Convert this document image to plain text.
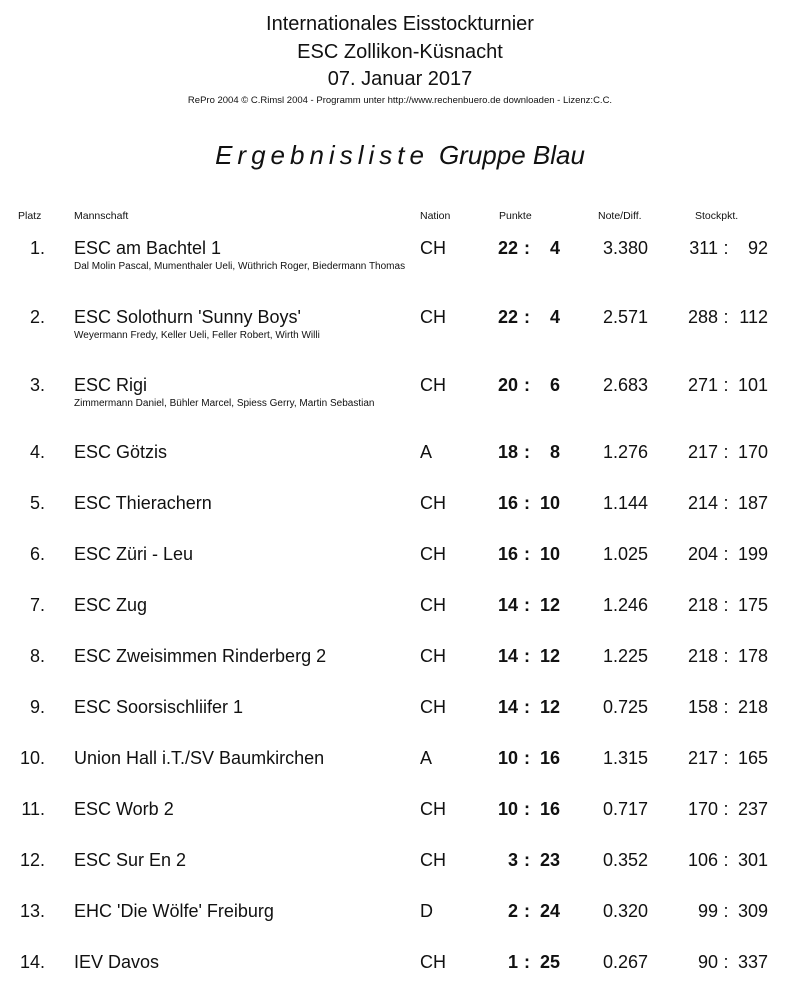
Internationales Eisstockturnier
ESC Zollikon-Küsnacht
07. Januar 2017
RePro 2004 © C.Rimsl 2004 - Programm unter http://www.rechenbuero.de downloaden - Lizenz:C.C.
Ergebnisliste Gruppe Blau
Platz	Mannschaft	Nation	Punkte	Note/Diff.	Stockpkt.
1. ESC am Bachtel 1	CH	22	4	3.380	311	92
:	:
Dal Molin Pascal, Mumenthaler Ueli, Wüthrich Roger, Biedermann Thomas
2. ESC Solothurn 'Sunny Boys'	CH	22	4	2.571	288	112
:	:
Weyermann Fredy, Keller Ueli, Feller Robert, Wirth Willi
3. ESC Rigi	CH	20	6	2.683	271	101
:	:
Zimmermann Daniel, Bühler Marcel, Spiess Gerry, Martin Sebastian
4. ESC Götzis	A	18	8	1.276	217	170
:	:
5. ESC Thierachern	CH	16	10	1.144	214	187
:	:
6. ESC Züri - Leu	CH	16	10	1.025	204	199
:	:
7. ESC Zug	CH	14	12	1.246	218	175
:	:
8. ESC Zweisimmen Rinderberg 2	CH	14	12	1.225	218	178
:	:
9. ESC Soorsischliifer 1	CH	14	12	0.725	158	218
:	:
10. Union Hall i.T./SV Baumkirchen	A	10	16	1.315	217	165
:	:
11. ESC Worb 2	CH	10	16	0.717	170	237
:	:
12. ESC Sur En 2	CH	3	23	0.352	106	301
:	:
13. EHC 'Die Wölfe' Freiburg	D	2	24	0.320	99	309
:	:
14. IEV Davos	CH	1	25	0.267	90	337
:	:
